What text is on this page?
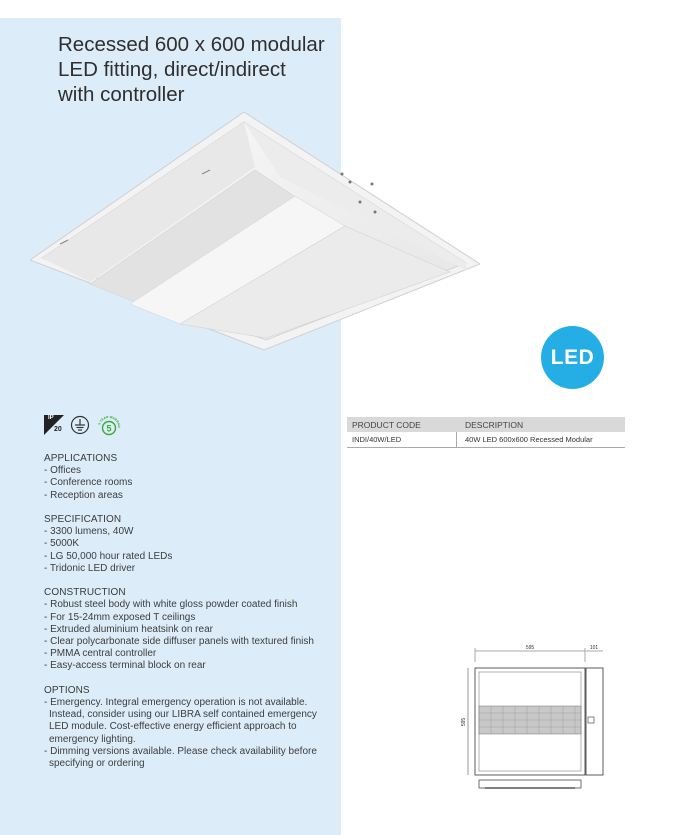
Recessed 600 x 600 modular
LED fitting, direct/indirect
with controller
LED
IP
20
5 YEAR WARRAN
5
APPLICATIONS
- Offices
- Conference rooms
- Reception areas
SPECIFICATION
- 3300 lumens, 40W
- 5000K
- LG 50,000 hour rated LEDs
- Tridonic LED driver
CONSTRUCTION
- Robust steel body with white gloss powder coated finish
- For 15-24mm exposed T ceilings
- Extruded aluminium heatsink on rear
- Clear polycarbonate side diffuser panels with textured finish
- PMMA central controller
- Easy-access terminal block on rear
OPTIONS
- Emergency. Integral emergency operation is not available.
Instead, consider using our LIBRA self contained emergency
LED module. Cost-effective energy efficient approach to
emergency lighting.
- Dimming versions available. Please check availability before
specifying or ordering
PRODUCT CODE	DESCRIPTION
INDI/40W/LED	40W LED 600x600 Recessed Modular
595	101
595
